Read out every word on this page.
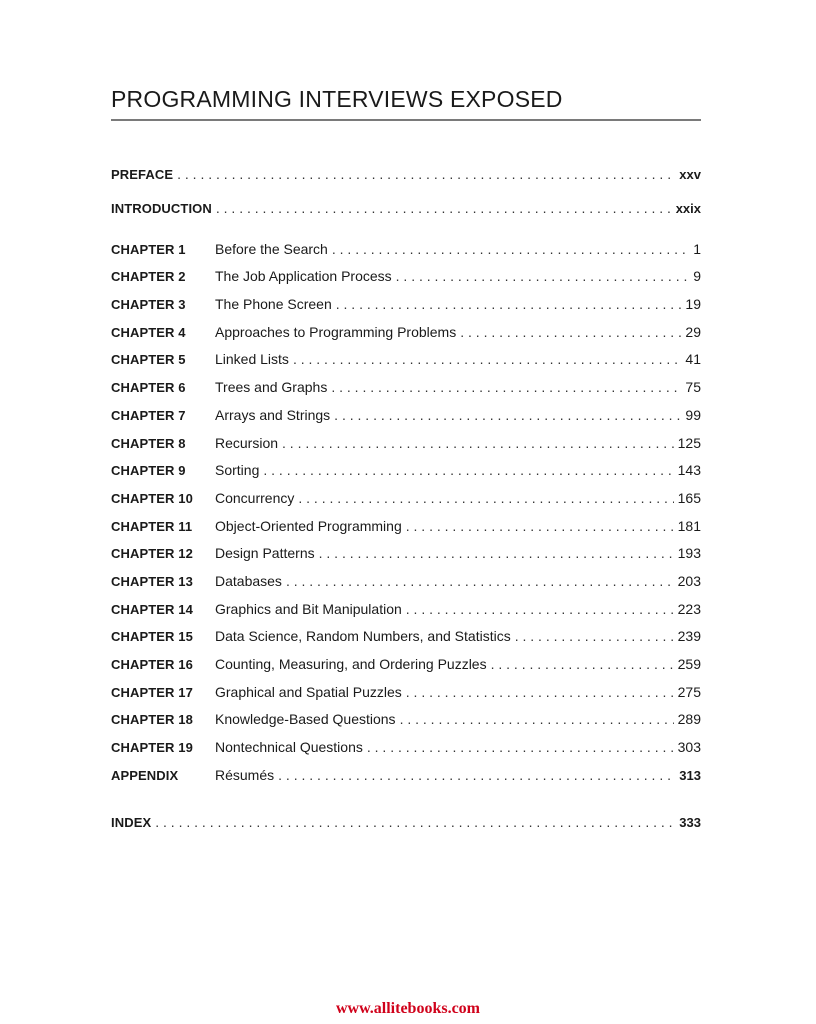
PROGRAMMING INTERVIEWS EXPOSED
PREFACE . . .	xxv
INTRODUCTION . . .	xxix
CHAPTER 1	Before the Search . . .	1
CHAPTER 2	The Job Application Process . . .	9
CHAPTER 3	The Phone Screen . . .	19
CHAPTER 4	Approaches to Programming Problems . . .	29
CHAPTER 5	Linked Lists . . .	41
CHAPTER 6	Trees and Graphs . . .	75
CHAPTER 7	Arrays and Strings . . .	99
CHAPTER 8	Recursion . . .	125
CHAPTER 9	Sorting . . .	143
CHAPTER 10	Concurrency . . .	165
CHAPTER 11	Object-Oriented Programming . . .	181
CHAPTER 12	Design Patterns . . .	193
CHAPTER 13	Databases . . .	203
CHAPTER 14	Graphics and Bit Manipulation . . .	223
CHAPTER 15	Data Science, Random Numbers, and Statistics . . .	239
CHAPTER 16	Counting, Measuring, and Ordering Puzzles . . .	259
CHAPTER 17	Graphical and Spatial Puzzles . . .	275
CHAPTER 18	Knowledge-Based Questions . . .	289
CHAPTER 19	Nontechnical Questions . . .	303
APPENDIX	Résumés . . .	313
INDEX . . .	333
www.allitebooks.com
